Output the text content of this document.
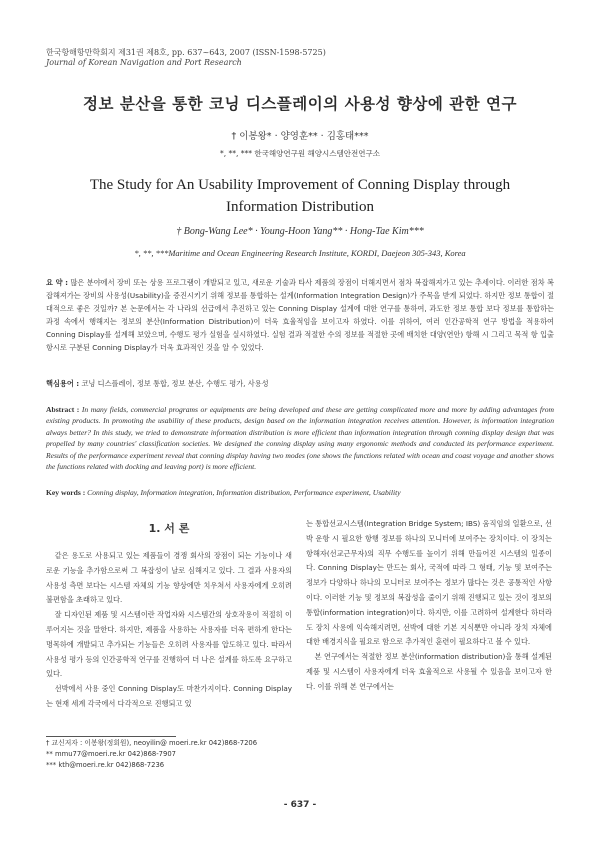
한국항해항만학회지 제31권 제8호, pp. 637~643, 2007 (ISSN-1598-5725)
Journal of Korean Navigation and Port Research
정보 분산을 통한 코닝 디스플레이의 사용성 향상에 관한 연구
† 이봉왕* · 양영훈** · 김홍태***
*, **, *** 한국해양연구원 해양시스템안전연구소
The Study for An Usability Improvement of Conning Display through Information Distribution
† Bong-Wang Lee* · Young-Hoon Yang** · Hong-Tae Kim***
*, **, ***Maritime and Ocean Engineering Research Institute, KORDI, Daejeon 305-343, Korea
요 약 : 많은 분야에서 장비 또는 상용 프로그램이 개발되고 있고, 새로운 기술과 타사 제품의 장점이 더해지면서 점차 복잡해져가고 있는 추세이다. 이러한 점차 복잡해져가는 장비의 사용성(Usability)을 증진시키기 위해 정보를 통합하는 설계(Information Integration Design)가 주목을 받게 되었다. 하지만 정보 통합이 절대적으로 좋은 것일까? 본 논문에서는 각 나라의 선급에서 추진하고 있는 Conning Display 설계에 대한 연구를 통하여, 과도한 정보 통합 보다 정보를 통합하는 과정 속에서 행해지는 정보의 분산(Information Distribution)이 더욱 효율적임을 보이고자 하였다. 이를 위하여, 여러 인간공학적 연구 방법을 적용하여 Conning Display를 설계해 보았으며, 수행도 평가 실험을 실시하였다. 실험 결과 적절한 수의 정보를 적절한 곳에 배치한 대양(연안) 항해 시 그리고 목적 항 입출항시로 구분된 Conning Display가 더욱 효과적인 것을 알 수 있었다.
핵심용어 : 코닝 디스플레이, 정보 통합, 정보 분산, 수행도 평가, 사용성
Abstract : In many fields, commercial programs or equipments are being developed and these are getting complicated more and more by adding advantages from existing products. In promoting the usability of these products, design based on the information integration receives attention. However, is information integration always better? In this study, we tried to demonstrate information distribution is more efficient than information integration through conning display design that was propelled by many countries' classification societies. We designed the conning display using many ergonomic methods and conducted its performance experiment. Results of the performance experiment reveal that conning display having two modes (one shows the functions related with ocean and coast voyage and another shows the functions related with docking and leaving port) is more efficient.
Key words : Conning display, Information integration, Information distribution, Performance experiment, Usability
1. 서 론

같은 용도로 사용되고 있는 제품들이 경쟁 회사의 장점이 되는 기능이나 새로운 기능을 추가함으로써 그 복잡성이 날로 심해지고 있다. 그 결과 사용자의 사용성 측면 보다는 시스템 자체의 기능 향상에만 치우쳐서 사용자에게 오히려 불편함을 초래하고 있다.

잘 디자인된 제품 및 시스템이란 작업자와 시스템간의 상호작용이 적절히 이루어지는 것을 말한다. 하지만, 제품을 사용하는 사용자를 더욱 편하게 한다는 명목하에 개발되고 추가되는 기능들은 오히려 사용자를 압도하고 있다. 따라서 사용성 평가 등의 인간공학적 연구를 진행하여 더 나은 설계를 하도록 요구하고 있다.

선박에서 사용 중인 Conning Display도 마찬가지이다. Conning Display는 현재 세계 각국에서 다각적으로 진행되고 있

는 통합선교시스템(Integration Bridge System; IBS) 움직임의 일환으로, 선박 운항 시 필요한 항행 정보를 하나의 모니터에 보여주는 장치이다. 이 장치는 항해자(선교근무자)의 직무 수행도를 높이기 위해 만들어진 시스템의 일종이다. Conning Display는 만드는 회사, 국적에 따라 그 형태, 기능 및 보여주는 정보가 다양하나 하나의 모니터로 보여주는 정보가 많다는 것은 공통적인 사항이다. 이러한 기능 및 정보의 복잡성을 줄이기 위해 진행되고 있는 것이 정보의 통합(information integration)이다. 하지만, 이를 고려하여 설계한다 하더라도 장치 사용에 익숙해지려면, 선박에 대한 기본 지식뿐만 아니라 장치 자체에 대한 배경지식을 필요로 함으로 추가적인 훈련이 필요하다고 볼 수 있다.

본 연구에서는 적절한 정보 분산(information distribution)을 통해 설계된 제품 및 시스템이 사용자에게 더욱 효율적으로 사용될 수 있음을 보이고자 한다. 이를 위해 본 연구에서는

† 교신저자 : 이봉왕(정회원), neoyilin@ moeri.re.kr 042)868-7206
** mmu77@moeri.re.kr 042)868-7907
*** kth@moeri.re.kr 042)868-7236
- 637 -
